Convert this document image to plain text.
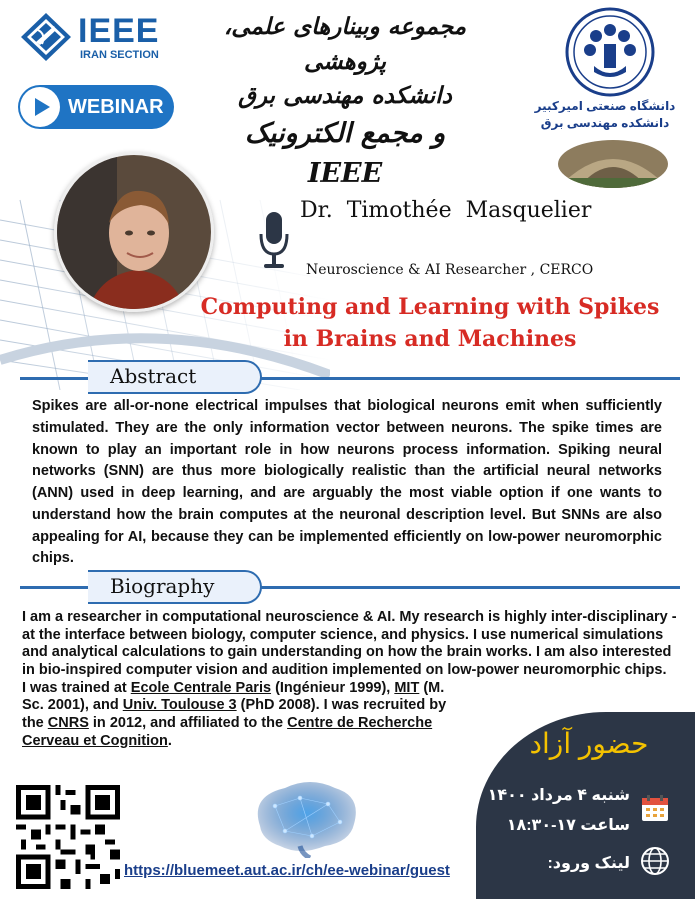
IEEE
IRAN SECTION
WEBINAR
مجموعه وبینارهای علمی، پژوهشی
دانشکده مهندسی برق
و مجمع الکترونیک IEEE
دانشگاه صنعتی امیرکبیر
دانشکده مهندسی برق
Dr.  Timothée  Masquelier
Neuroscience & AI Researcher , CERCO
Computing and Learning with Spikes
in Brains and Machines
Abstract
Spikes are all-or-none electrical impulses that biological neurons emit when sufficiently stimulated. They are the only information vector between neurons. The spike times are known to play an important role in how neurons process information. Spiking neural networks (SNN) are thus more biologically realistic than the artificial neural networks (ANN) used in deep learning, and are arguably the most viable option if one wants to understand how the brain computes at the neuronal description level. But SNNs are also appealing for AI, because they can be implemented efficiently on low-power neuromorphic chips.
Biography
I am a researcher in computational neuroscience & AI. My research is highly inter-disciplinary - at the interface between biology, computer science, and physics. I use numerical simulations and analytical calculations to gain understanding on how the brain works. I am also interested in bio-inspired computer vision and audition implemented on low-power neuromorphic chips.
I was trained at Ecole Centrale Paris (Ingénieur 1999), MIT (M. Sc. 2001), and Univ. Toulouse 3 (PhD 2008). I was recruited by the CNRS in 2012, and affiliated to the Centre de Recherche Cerveau et Cognition.	حضور آزاد
شنبه ۴ مرداد ۱۴۰۰
ساعت ۱۷-۱۸:۳۰
لینک ورود:
https://bluemeet.aut.ac.ir/ch/ee-webinar/guest
